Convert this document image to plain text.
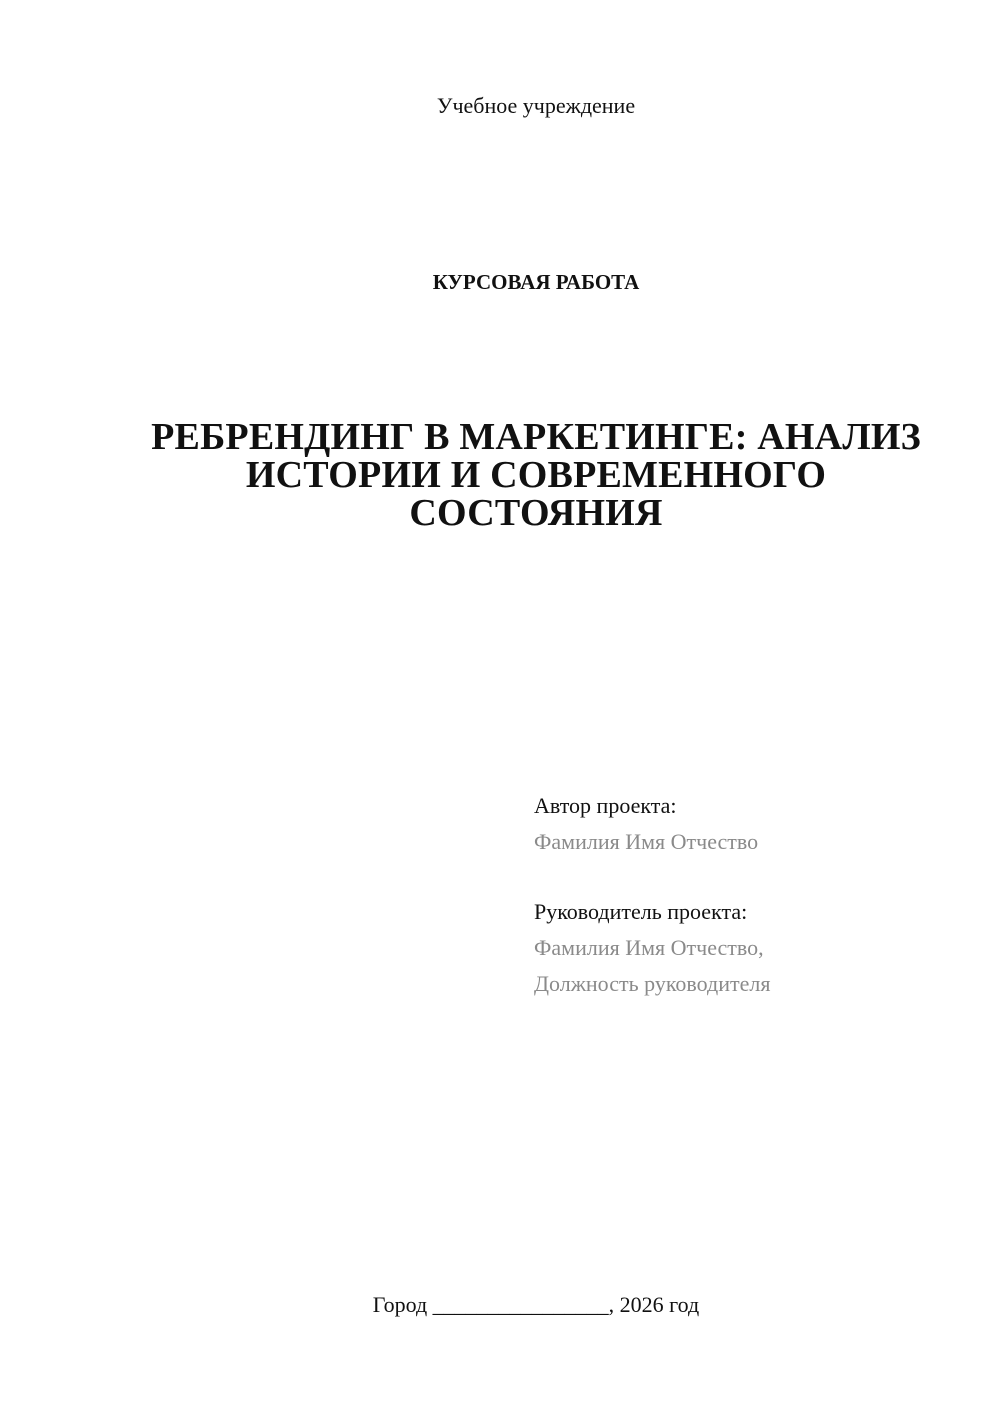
Учебное учреждение
КУРСОВАЯ РАБОТА
РЕБРЕНДИНГ В МАРКЕТИНГЕ: АНАЛИЗ
ИСТОРИИ И СОВРЕМЕННОГО
СОСТОЯНИЯ
Автор проекта:
Фамилия Имя Отчество
Руководитель проекта:
Фамилия Имя Отчество,
Должность руководителя
Город ________________, 2026 год
